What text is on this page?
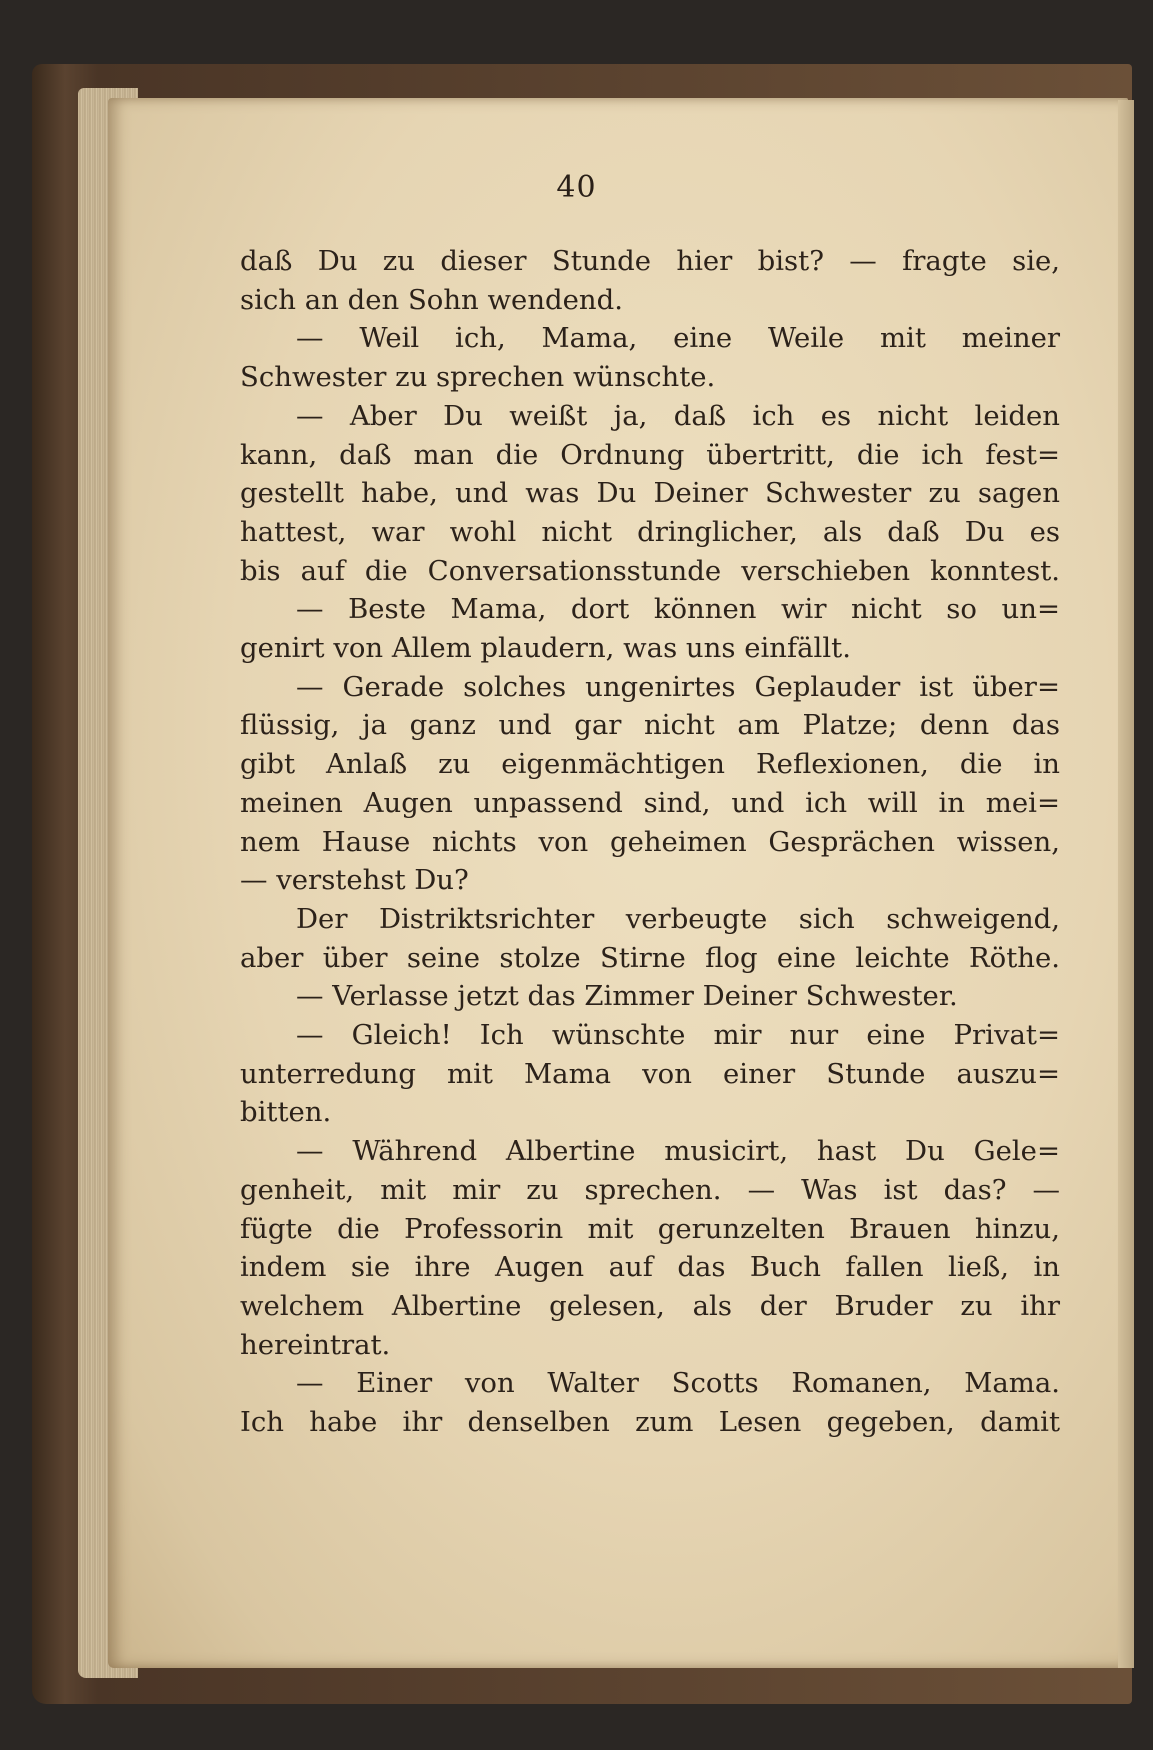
40
daß Du zu dieser Stunde hier bist? — fragte sie,
sich an den Sohn wendend.
— Weil ich, Mama, eine Weile mit meiner
Schwester zu sprechen wünschte.
— Aber Du weißt ja, daß ich es nicht leiden
kann, daß man die Ordnung übertritt, die ich fest=
gestellt habe, und was Du Deiner Schwester zu sagen
hattest, war wohl nicht dringlicher, als daß Du es
bis auf die Conversationsstunde verschieben konntest.
— Beste Mama, dort können wir nicht so un=
genirt von Allem plaudern, was uns einfällt.
— Gerade solches ungenirtes Geplauder ist über=
flüssig, ja ganz und gar nicht am Platze; denn das
gibt Anlaß zu eigenmächtigen Reflexionen, die in
meinen Augen unpassend sind, und ich will in mei=
nem Hause nichts von geheimen Gesprächen wissen,
— verstehst Du?
Der Distriktsrichter verbeugte sich schweigend,
aber über seine stolze Stirne flog eine leichte Röthe.
— Verlasse jetzt das Zimmer Deiner Schwester.
— Gleich! Ich wünschte mir nur eine Privat=
unterredung mit Mama von einer Stunde auszu=
bitten.
— Während Albertine musicirt, hast Du Gele=
genheit, mit mir zu sprechen. — Was ist das? —
fügte die Professorin mit gerunzelten Brauen hinzu,
indem sie ihre Augen auf das Buch fallen ließ, in
welchem Albertine gelesen, als der Bruder zu ihr
hereintrat.
— Einer von Walter Scotts Romanen, Mama.
Ich habe ihr denselben zum Lesen gegeben, damit
